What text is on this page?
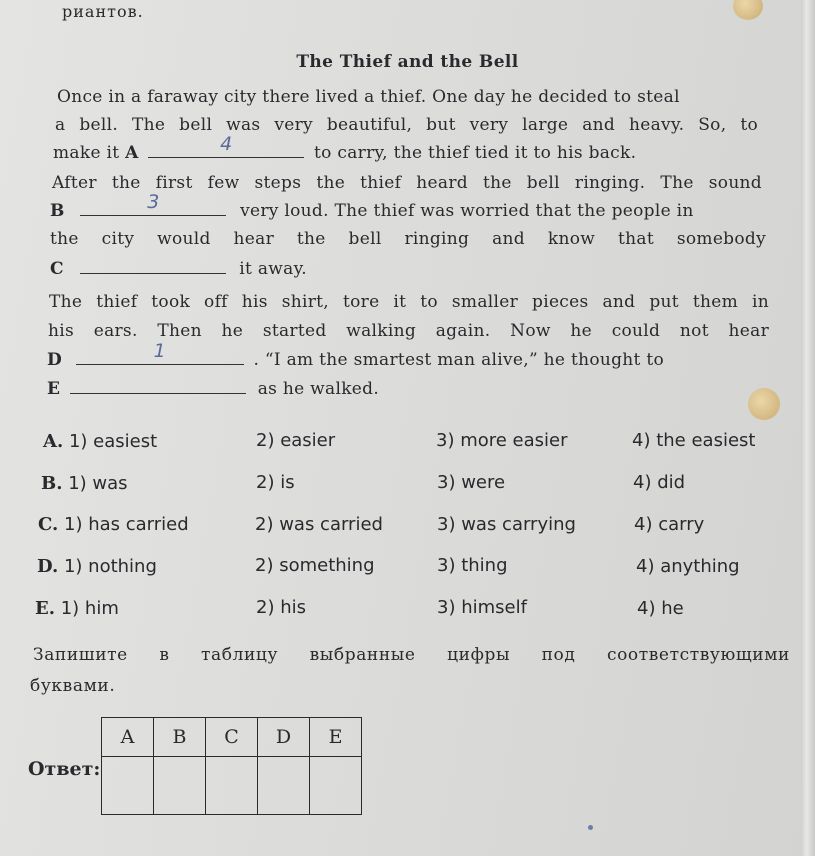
риантов.
The Thief and the Bell
Once in a faraway city there lived a thief. One day he decided to steal
a bell. The bell was very beautiful, but very large and heavy. So, to
make it A	4	to carry, the thief tied it to his back.
After the first few steps the thief heard the bell ringing. The sound
B	3	very loud. The thief was worried that the people in
the city would hear the bell ringing and know that somebody
C	it away.
The thief took off his shirt, tore it to smaller pieces and put them in
his ears. Then he started walking again. Now he could not hear
D	1	. “I am the smartest man alive,” he thought to
E	as he walked.
A. 1) easiest	2) easier	3) more easier	4) the easiest
B. 1) was	2) is	3) were	4) did
C. 1) has carried	2) was carried	3) was carrying	4) carry
D. 1) nothing	2) something	3) thing	4) anything
E. 1) him	2) his	3) himself	4) he
Запишите в таблицу выбранные цифры под соответствующими
буквами.
Ответ:
A	B	C	D	E
